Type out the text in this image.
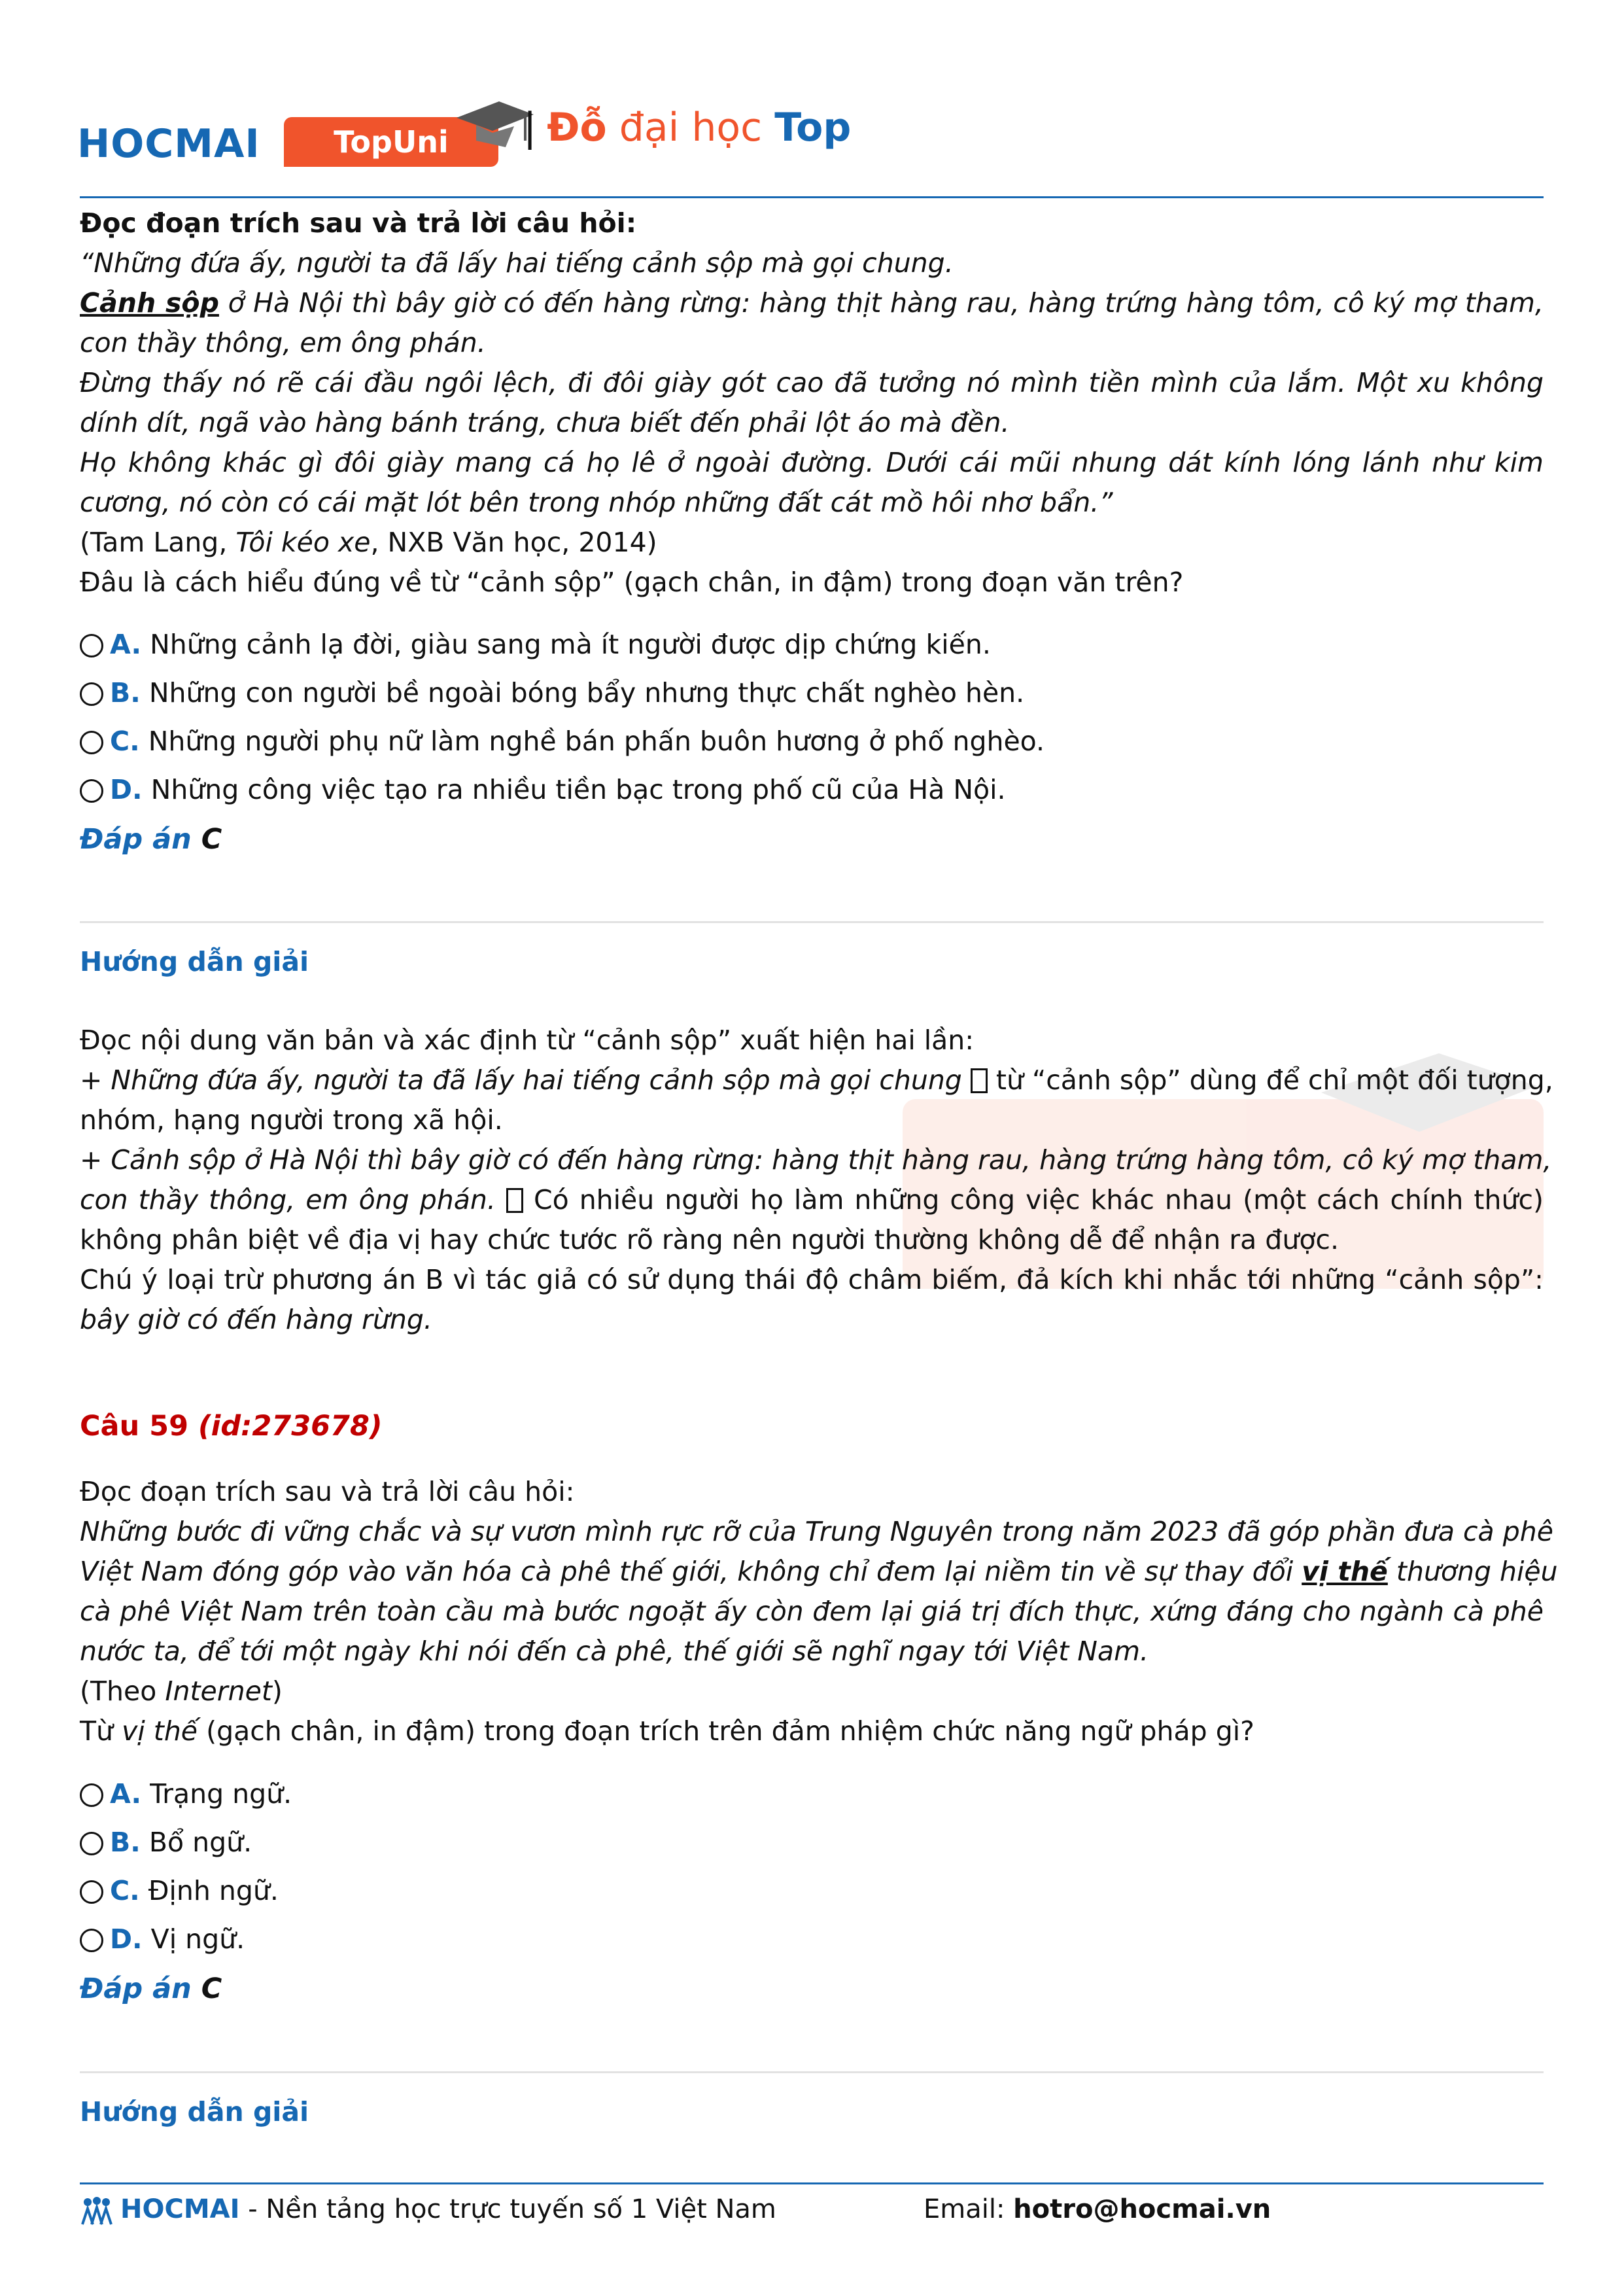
HOCMAI	TopUni	| Đỗ đại học Top
Đọc đoạn trích sau và trả lời câu hỏi:
“Những đứa ấy, người ta đã lấy hai tiếng cảnh sộp mà gọi chung.
Cảnh sộp ở Hà Nội thì bây giờ có đến hàng rừng: hàng thịt hàng rau, hàng trứng hàng tôm, cô ký mợ tham,
con thầy thông, em ông phán.
Đừng thấy nó rẽ cái đầu ngôi lệch, đi đôi giày gót cao đã tưởng nó mình tiền mình của lắm. Một xu không
dính dít, ngã vào hàng bánh tráng, chưa biết đến phải lột áo mà đền.
Họ không khác gì đôi giày mang cá họ lê ở ngoài đường. Dưới cái mũi nhung dát kính lóng lánh như kim
cương, nó còn có cái mặt lót bên trong nhóp những đất cát mồ hôi nhơ bẩn.”
(Tam Lang, Tôi kéo xe, NXB Văn học, 2014)
Đâu là cách hiểu đúng về từ “cảnh sộp” (gạch chân, in đậm) trong đoạn văn trên?
A. Những cảnh lạ đời, giàu sang mà ít người được dịp chứng kiến.
B. Những con người bề ngoài bóng bẩy nhưng thực chất nghèo hèn.
C. Những người phụ nữ làm nghề bán phấn buôn hương ở phố nghèo.
D. Những công việc tạo ra nhiều tiền bạc trong phố cũ của Hà Nội.
Đáp án C
Hướng dẫn giải
Đọc nội dung văn bản và xác định từ “cảnh sộp” xuất hiện hai lần:
+ Những đứa ấy, người ta đã lấy hai tiếng cảnh sộp mà gọi chung  từ “cảnh sộp” dùng để chỉ một đối tượng,
nhóm, hạng người trong xã hội.
+ Cảnh sộp ở Hà Nội thì bây giờ có đến hàng rừng: hàng thịt hàng rau, hàng trứng hàng tôm, cô ký mợ tham,
con thầy thông, em ông phán.  Có nhiều người họ làm những công việc khác nhau (một cách chính thức)
không phân biệt về địa vị hay chức tước rõ ràng nên người thường không dễ để nhận ra được.
Chú ý loại trừ phương án B vì tác giả có sử dụng thái độ châm biếm, đả kích khi nhắc tới những “cảnh sộp”:
bây giờ có đến hàng rừng.
Câu 59 (id:273678)
Đọc đoạn trích sau và trả lời câu hỏi:
Những bước đi vững chắc và sự vươn mình rực rỡ của Trung Nguyên trong năm 2023 đã góp phần đưa cà phê
Việt Nam đóng góp vào văn hóa cà phê thế giới, không chỉ đem lại niềm tin về sự thay đổi vị thế thương hiệu
cà phê Việt Nam trên toàn cầu mà bước ngoặt ấy còn đem lại giá trị đích thực, xứng đáng cho ngành cà phê
nước ta, để tới một ngày khi nói đến cà phê, thế giới sẽ nghĩ ngay tới Việt Nam.
(Theo Internet)
Từ vị thế (gạch chân, in đậm) trong đoạn trích trên đảm nhiệm chức năng ngữ pháp gì?
A. Trạng ngữ.
B. Bổ ngữ.
C. Định ngữ.
D. Vị ngữ.
Đáp án C
Hướng dẫn giải
HOCMAI - Nền tảng học trực tuyến số 1 Việt Nam	Email: hotro@hocmai.vn
